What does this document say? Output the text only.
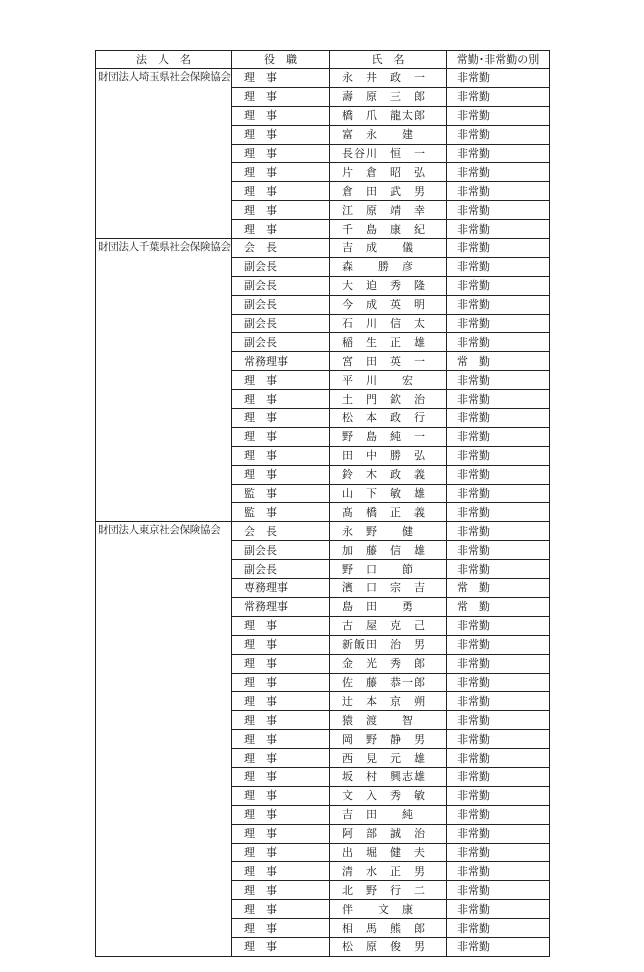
法　人　名	役　職	氏　名	常勤･非常勤の別
財団法人埼玉県社会保険協会	理　事	永　井　政　一	非常勤
	理　事	壽　原　三　郎	非常勤
	理　事	橋　爪　龍太郎	非常勤
	理　事	富　永　　建	非常勤
	理　事	長谷川　恒　一	非常勤
	理　事	片　倉　昭　弘	非常勤
	理　事	倉　田　武　男	非常勤
	理　事	江　原　靖　幸	非常勤
	理　事	千　島　康　紀	非常勤
財団法人千葉県社会保険協会	会　長	吉　成　　儀	非常勤
	副会長	森　　勝　彦	非常勤
	副会長	大　迫　秀　隆	非常勤
	副会長	今　成　英　明	非常勤
	副会長	石　川　信　太	非常勤
	副会長	稲　生　正　雄	非常勤
	常務理事	宮　田　英　一	常　勤
	理　事	平　川　　宏	非常勤
	理　事	土　門　欽　治	非常勤
	理　事	松　本　政　行	非常勤
	理　事	野　島　純　一	非常勤
	理　事	田　中　勝　弘	非常勤
	理　事	鈴　木　政　義	非常勤
	監　事	山　下　敏　雄	非常勤
	監　事	髙　橋　正　義	非常勤
財団法人東京社会保険協会	会　長	永　野　　健	非常勤
	副会長	加　藤　信　雄	非常勤
	副会長	野　口　　節	非常勤
	専務理事	濱　口　宗　吉	常　勤
	常務理事	島　田　　勇	常　勤
	理　事	古　屋　克　己	非常勤
	理　事	新飯田　治　男	非常勤
	理　事	金　光　秀　郎	非常勤
	理　事	佐　藤　恭一郎	非常勤
	理　事	辻　本　京　朔	非常勤
	理　事	猿　渡　　智	非常勤
	理　事	岡　野　静　男	非常勤
	理　事	西　見　元　雄	非常勤
	理　事	坂　村　興志雄	非常勤
	理　事	文　入　秀　敏	非常勤
	理　事	吉　田　　純	非常勤
	理　事	阿　部　誠　治	非常勤
	理　事	出　堀　健　夫	非常勤
	理　事	清　水　正　男	非常勤
	理　事	北　野　行　二	非常勤
	理　事	伴　　文　康	非常勤
	理　事	相　馬　熊　郎	非常勤
	理　事	松　原　俊　男	非常勤
